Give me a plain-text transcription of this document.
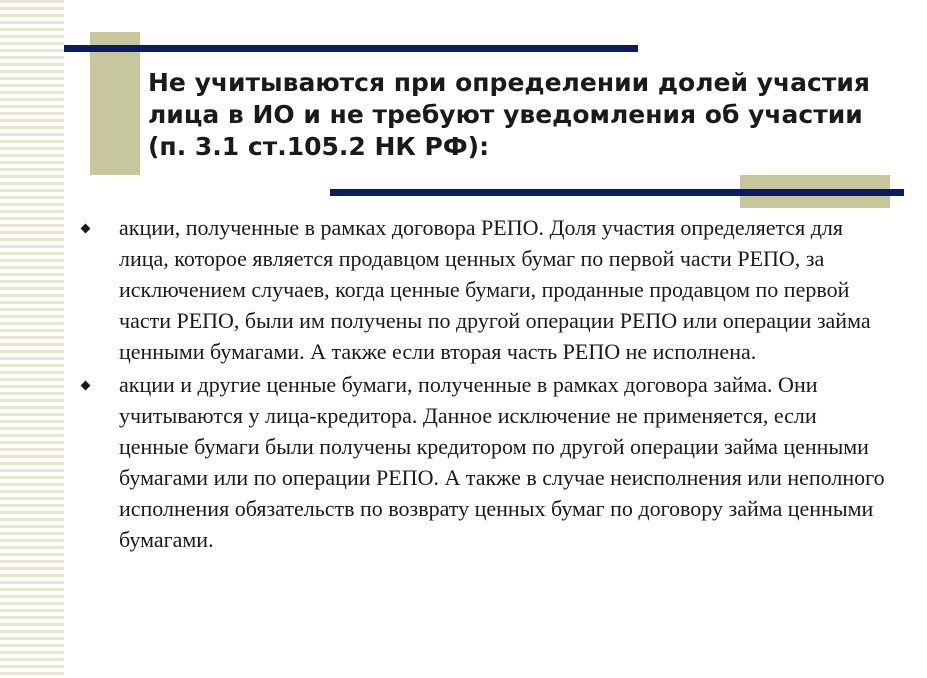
Не учитываются при определении долей участия лица в ИО и не требуют уведомления об участии (п. 3.1 ст.105.2 НК РФ):
акции, полученные в рамках договора РЕПО. Доля участия определяется для лица, которое является продавцом ценных бумаг по первой части РЕПО, за исключением случаев, когда ценные бумаги, проданные продавцом по первой части РЕПО, были им получены по другой операции РЕПО или операции займа ценными бумагами. А также если вторая часть РЕПО не исполнена.
акции и другие ценные бумаги, полученные в рамках договора займа. Они учитываются у лица-кредитора. Данное исключение не применяется, если ценные бумаги были получены кредитором по другой операции займа ценными бумагами или по операции РЕПО. А также в случае неисполнения или неполного исполнения обязательств по возврату ценных бумаг по договору займа ценными бумагами.
